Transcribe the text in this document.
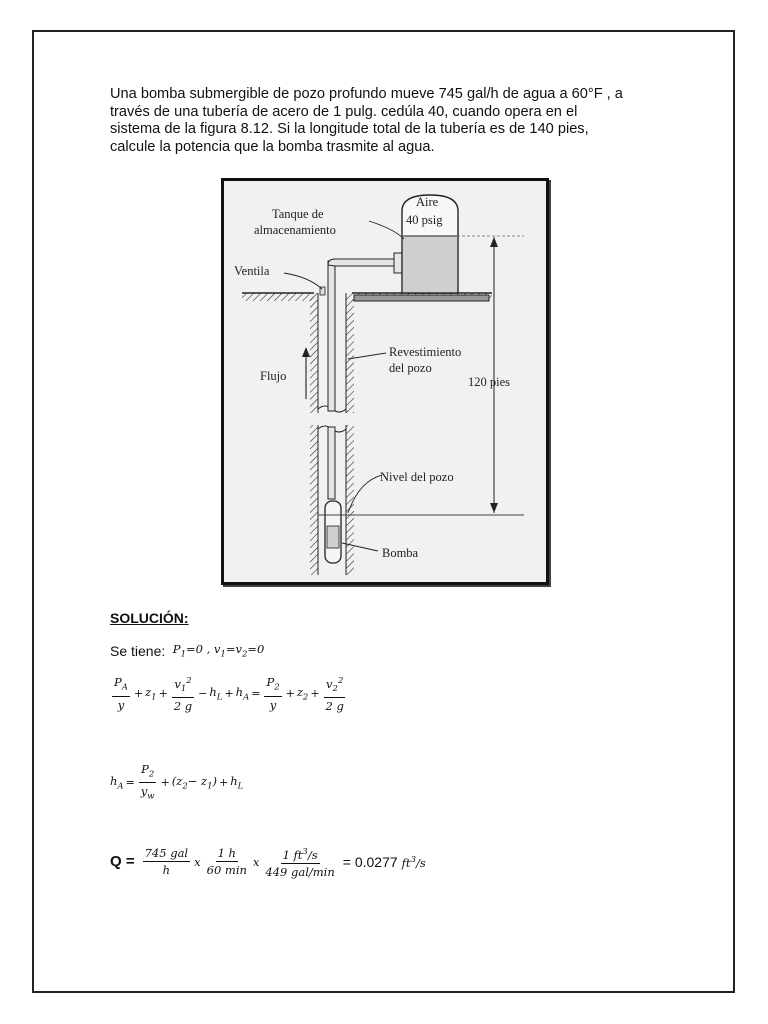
Una bomba submergible de pozo profundo mueve 745 gal/h de agua a 60°F , a
través de una tubería de acero de 1 pulg. cedúla 40, cuando opera en el
sistema de la figura 8.12. Si la longitude total de la tubería es de 140 pies,
calcule la potencia que la bomba trasmite al agua.
Tanque de
almacenamiento
Aire
40 psig
Ventila
Revestimiento
del pozo
Flujo	120 pies
Nivel del pozo
Bomba
SOLUCIÓN:
Se tiene: $P_1=0$ , $v_1=v_2=0$
$\frac{P_A}{y} + z_1 + \frac{v_1^2}{2 g} - h_L + h_A = \frac{P_2}{y} + z_2 + \frac{v_2^2}{2 g}$
$h_A = \frac{P_2}{y_w} + (z_2- z_1) + h_L$
$Q = \frac{\text{745 gal}}{h}$ x $\frac{1 h}{60 \min}$ x $\frac{1 ft^3/s}{\text{449 gal/min}} = 0.0277$ $ft^3/s$
